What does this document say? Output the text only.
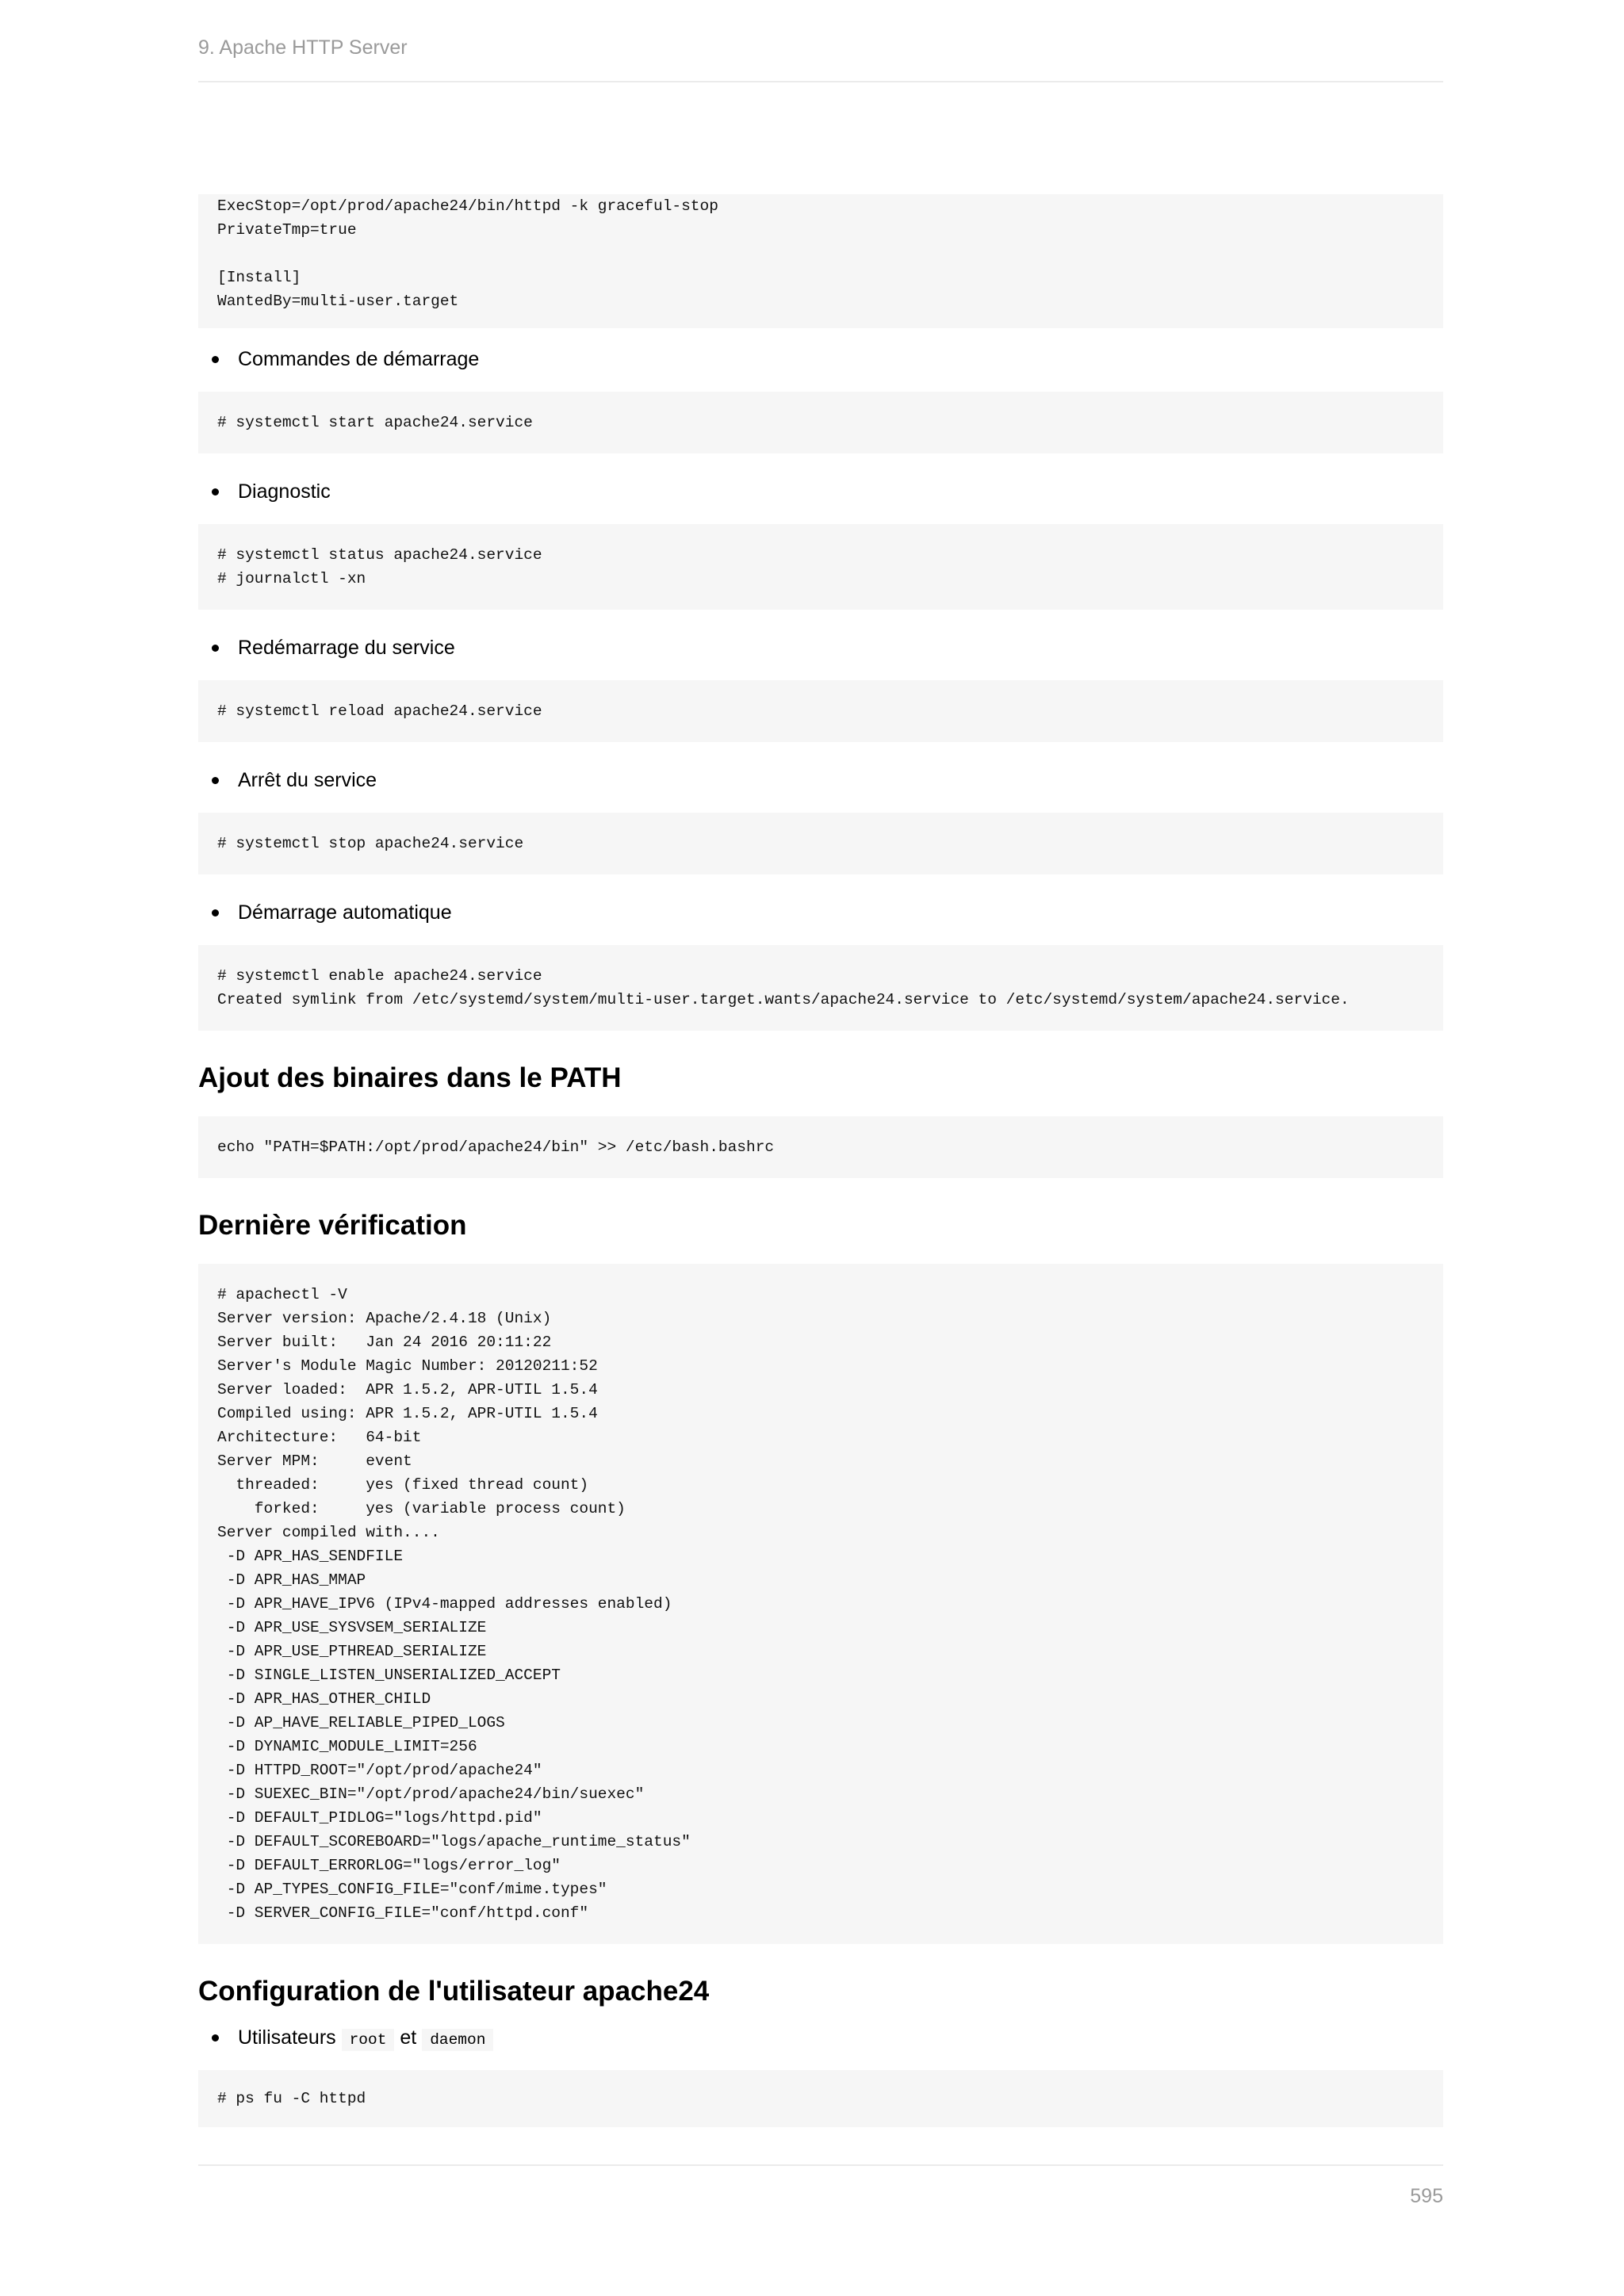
9. Apache HTTP Server
ExecStop=/opt/prod/apache24/bin/httpd -k graceful-stop
PrivateTmp=true

[Install]
WantedBy=multi-user.target
Commandes de démarrage
# systemctl start apache24.service
Diagnostic
# systemctl status apache24.service
# journalctl -xn
Redémarrage du service
# systemctl reload apache24.service
Arrêt du service
# systemctl stop apache24.service
Démarrage automatique
# systemctl enable apache24.service
Created symlink from /etc/systemd/system/multi-user.target.wants/apache24.service to /etc/systemd/system/apache24.service.
Ajout des binaires dans le PATH
echo "PATH=$PATH:/opt/prod/apache24/bin" >> /etc/bash.bashrc
Dernière vérification
# apachectl -V
Server version: Apache/2.4.18 (Unix)
Server built:   Jan 24 2016 20:11:22
Server's Module Magic Number: 20120211:52
Server loaded:  APR 1.5.2, APR-UTIL 1.5.4
Compiled using: APR 1.5.2, APR-UTIL 1.5.4
Architecture:   64-bit
Server MPM:     event
threaded:     yes (fixed thread count)
forked:     yes (variable process count)
Server compiled with....
-D APR_HAS_SENDFILE
-D APR_HAS_MMAP
-D APR_HAVE_IPV6 (IPv4-mapped addresses enabled)
-D APR_USE_SYSVSEM_SERIALIZE
-D APR_USE_PTHREAD_SERIALIZE
-D SINGLE_LISTEN_UNSERIALIZED_ACCEPT
-D APR_HAS_OTHER_CHILD
-D AP_HAVE_RELIABLE_PIPED_LOGS
-D DYNAMIC_MODULE_LIMIT=256
-D HTTPD_ROOT="/opt/prod/apache24"
-D SUEXEC_BIN="/opt/prod/apache24/bin/suexec"
-D DEFAULT_PIDLOG="logs/httpd.pid"
-D DEFAULT_SCOREBOARD="logs/apache_runtime_status"
-D DEFAULT_ERRORLOG="logs/error_log"
-D AP_TYPES_CONFIG_FILE="conf/mime.types"
-D SERVER_CONFIG_FILE="conf/httpd.conf"
Configuration de l'utilisateur apache24
Utilisateurs root et daemon
# ps fu -C httpd
595
